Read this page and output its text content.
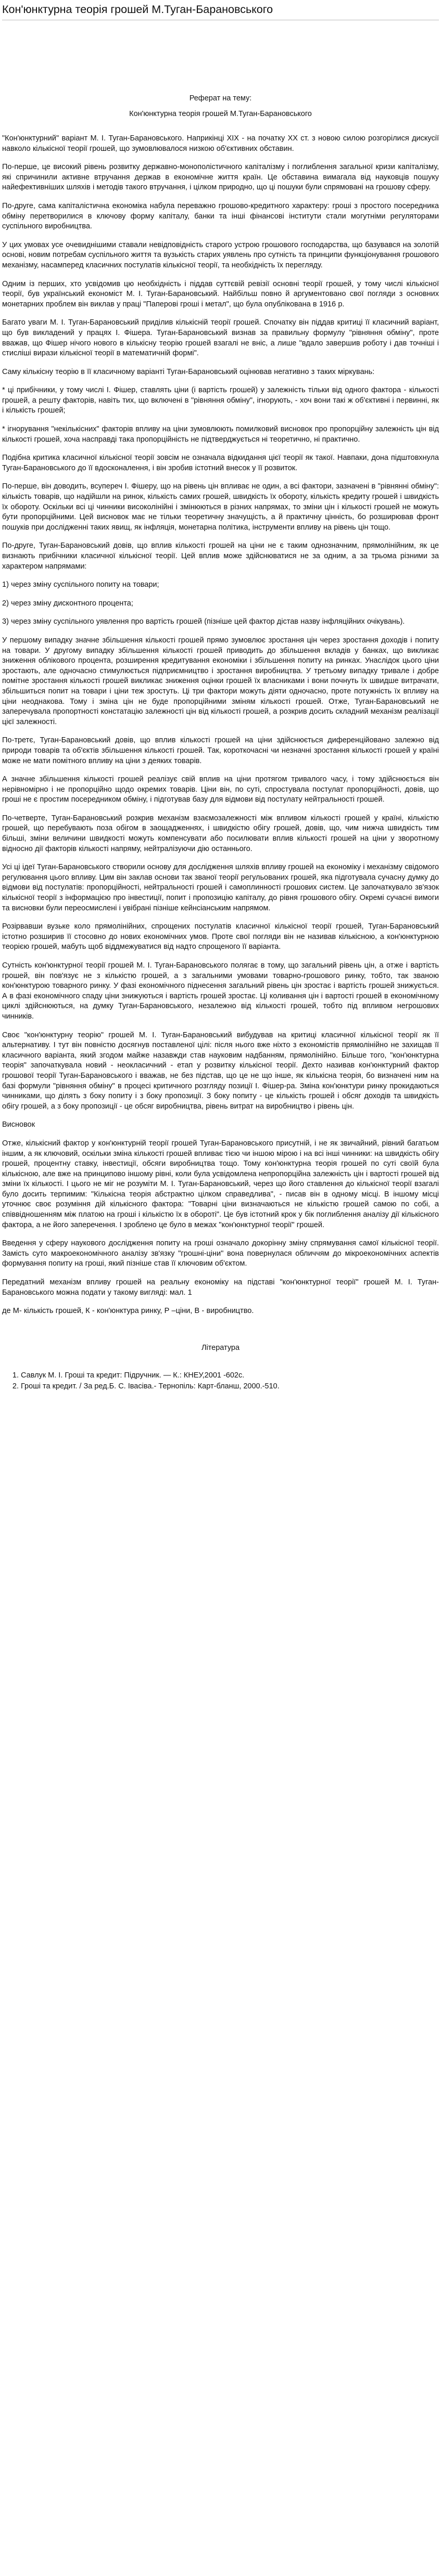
Кон'юнктурна теорія грошей М.Туган-Барановського

Реферат на тему:

Кон'юнктурна теорія грошей М.Туган-Барановського

"Кон'юнктурний" варіант М. І. Туган-Барановського. Наприкінці XIX - на початку XX ст. з новою силою розгорілися дискусії навколо кількісної теорії грошей, що зумовлювалося низкою об'єктивних обставин.

По-перше, це високий рівень розвитку державно-монополістичного капіталізму і поглиблення загальної кризи капіталізму, які спричинили активне втручання держав в економічне життя країн. Це обставина вимагала від науковців пошуку найефективніших шляхів і методів такого втручання, і цілком природно, що ці пошуки були спрямовані на грошову сферу.

По-друге, сама капіталістична економіка набула переважно грошово-кредитного характеру: гроші з простого посередника обміну перетворилися в ключову форму капіталу, банки та інші фінансові інститути стали могутніми регуляторами суспільного виробництва.

У цих умовах усе очевиднішими ставали невідповідність старого устрою грошового господарства, що базувався на золотій основі, новим потребам суспільного життя та вузькість старих уявлень про сутність та принципи функціонування грошового механізму, насамперед класичних постулатів кількісної теорії, та необхідність їх перегляду.

Одним із перших, хто усвідомив цю необхідність і піддав суттєвій ревізії основні теорії грошей, у тому числі кількісної теорії, був український економіст М. І. Туган-Барановський. Найбільш повно й аргументовано свої погляди з основних монетарних проблем він виклав у праці "Паперові гроші і метал", що була опублікована в 1916 р.

Багато уваги М. І. Туган-Барановський приділив кількісній теорії грошей. Спочатку він піддав критиці її класичний варіант, що був викладений у працях І. Фішера. Туган-Барановський визнав за правильну формулу "рівняння обміну", проте вважав, що Фішер нічого нового в кількісну теорію грошей взагалі не вніс, а лише "вдало завершив роботу і дав точніші і стисліші вирази кількісної теорії в математичній формі".

Саму кількісну теорію в її класичному варіанті Туган-Барановський оцінював негативно з таких міркувань:

* ці прибічники, у тому числі І. Фішер, ставлять ціни (і вартість грошей) у залежність тільки від одного фактора - кількості грошей, а решту факторів, навіть тих, що включені в "рівняння обміну", ігнорують, - хоч вони такі ж об'єктивні і первинні, як і кількість грошей;

* ігнорування "некількісних" факторів впливу на ціни зумовлюють помилковий висновок про пропорційну залежність цін від кількості грошей, хоча насправді така пропорційність не підтверджується ні теоретично, ні практично.

Подібна критика класичної кількісної теорії зовсім не означала відкидання цієї теорії як такої. Навпаки, дона підштовхнула Туган-Барановського до її вдосконалення, і він зробив істотний внесок у її розвиток.

По-перше, він доводить, всупереч І. Фішеру, що на рівень цін впливає не один, а всі фактори, зазначені в "рівнянні обміну": кількість товарів, що надійшли на ринок, кількість самих грошей, швидкість їх обороту, кількість кредиту грошей і швидкість їх обороту. Оскільки всі ці чинники високолінійні і змінюються в різних напрямах, то зміни цін і кількості грошей не можуть бути пропорційними. Цей висновок має не тільки теоретичну значущість, а й практичну цінність, бо розширював фронт пошуків при дослідженні таких явищ, як інфляція, монетарна політика, інструменти впливу на рівень цін тощо.

По-друге, Туган-Барановський довів, що вплив кількості грошей на ціни не є таким однозначним, прямолінійним, як це визнають прибічники класичної кількісної теорії. Цей вплив може здійснюватися не за одним, а за трьома різними за характером напрямами:

1) через зміну суспільного попиту на товари;

2) через зміну дисконтного процента;

3) через зміну суспільного уявлення про вартість грошей (пізніше цей фактор дістав назву інфляційних очікувань).

У першому випадку значне збільшення кількості грошей прямо зумовлює зростання цін через зростання доходів і попиту на товари. У другому випадку збільшення кількості грошей приводить до збільшення вкладів у банках, що викликає зниження облікового процента, розширення кредитування економіки і збільшення попиту на ринках. Унаслідок цього ціни зростають, але одночасно стимулюється підприємництво і зростання виробництва. У третьому випадку тривале і добре помітне зростання кількості грошей викликає зниження оцінки грошей їх власниками і вони почнуть їх швидше витрачати, збільшиться попит на товари і ціни теж зростуть. Ці три фактори можуть діяти одночасно, проте потужність їх впливу на ціни неоднакова. Тому і зміна цін не буде пропорційними зміням кількості грошей. Отже, Туган-Барановський не заперечувала пропортності констатацію залежності цін від кількості грошей, а розкрив досить складний механізм реалізації цієї залежності.

По-третє, Туган-Барановський довів, що вплив кількості грошей на ціни здійснюється диференційовано залежно від природи товарів та об'єктів збільшення кількості грошей. Так, короткочасні чи незначні зростання кількості грошей у країні може не мати помітного впливу на ціни з деяких товарів.

А значне збільшення кількості грошей реалізує свій вплив на ціни протягом тривалого часу, і тому здійснюється він нерівномірно і не пропорційно щодо окремих товарів. Ціни він, по суті, спростувала постулат пропорційності, довів, що гроші не є простим посередником обміну, і підготував базу для відмови від постулату нейтральності грошей.

По-четверте, Туган-Барановський розкрив механізм взаємозалежності між впливом кількості грошей у країні, кількістю грошей, що перебувають поза обігом в заощадженнях, і швидкістю обігу грошей, довів, що, чим нижча швидкість тим більші, зміни величини швидкості можуть компенсувати або посилювати вплив кількості грошей на ціни у зворотному відносно дії факторів кількості напряму, нейтралізуючи дію останнього.

Усі ці ідеї Туган-Барановського створили основу для дослідження шляхів впливу грошей на економіку і механізму свідомого регулювання цього впливу. Цим він заклав основи так званої теорії регульованих грошей, яка підготувала сучасну думку до відмови від постулатів: пропорційності, нейтральності грошей і самоплинності грошових систем. Це започаткувало зв'язок кількісної теорії з інформацією про інвестиції, попит і пропозицію капіталу, до рівня грошового обігу. Окремі сучасні вимоги та висновки були переосмислені і увібрані пізніше кейнсіанським напрямом.

Розірвавши вузьке коло прямолінійних, спрощених постулатів класичної кількісної теорії грошей, Туган-Барановський істотно розширив її стосовно до нових економічних умов. Проте свої погляди він не називав кількісною, а кон'юнктурною теорією грошей, мабуть щоб віддмежуватися від надто спрощеного її варіанта.

Сутність кон'юнктурної теорії грошей М. І. Туган-Барановського полягає в тому, що загальний рівень цін, а отже і вартість грошей, він пов'язує не з кількістю грошей, а з загальними умовами товарно-грошового ринку, тобто, так званою кон'юнктурою товарного ринку. У фазі економічного піднесення загальний рівень цін зростає і вартість грошей знижується. А в фазі економічного спаду ціни знижуються і вартість грошей зростає. Ці коливання цін і вартості грошей в економічному циклі здійснюються, на думку Туган-Барановського, незалежно від кількості грошей, тобто під впливом негрошових чинників.

Своє "кон'юнктурну теорію" грошей М. І. Туган-Барановський вибудував на критиці класичної кількісної теорії як її альтернативу. І тут він повністю досягнув поставленої цілі: після нього вже ніхто з економістів прямолінійно не захищав її класичного варіанта, який згодом майже назавжди став науковим надбанням, прямолінійно. Більше того, "кон'юнктурна теорія" започаткувала новий - неокласичний - етап у розвитку кількісної теорії. Дехто називав кон'юнктурний фактор грошової теорії Туган-Барановського і вважав, не без підстав, що це не що інше, як кількісна теорія, бо визначені ним на базі формули "рівняння обміну" в процесі критичного розгляду позиції І. Фішер-ра. Зміна кон'юнктури ринку прокидаються чинниками, що ділять з боку попиту і з боку пропозиції. З боку попиту - це кількість грошей і обсяг доходів та швидкість обігу грошей, а з боку пропозиції - це обсяг виробництва, рівень витрат на виробництво і рівень цін.

Висновок

Отже, кількісний фактор у кон'юнктурній теорії грошей Туган-Барановського присутній, і не як звичайний, рівний багатьом іншим, а як ключовий, оскільки зміна кількості грошей впливає тією чи іншою мірою і на всі інші чинники: на швидкість обігу грошей, процентну ставку, інвестиції, обсяги виробництва тощо. Тому кон'юнктурна теорія грошей по суті своїй була кількісною, але вже на принципово іншому рівні, коли була усвідомлена непропорційна залежність цін і вартості грошей від зміни їх кількості. І цього не міг не розуміти М. І. Туган-Барановський, через що його ставлення до кількісної теорії взагалі було досить терпимим: "Кількісна теорія абстрактно цілком справедлива", - писав він в одному місці. В іншому місці уточнює своє розуміння дій кількісного фактора: "Товарні ціни визначаються не кількістю грошей самою по собі, а співвідношенням між платою на гроші і кількістю їх в обороті". Це був істотний крок у бік поглиблення аналізу дії кількісного фактора, а не його заперечення. І зроблено це було в межах "кон'юнктурної теорії" грошей.

Введення у сферу наукового дослідження попиту на гроші означало докорінну зміну спрямування самої кількісної теорії. Замість суто макроекономічного аналізу зв'язку "грошні-ціни" вона повернулася обличчям до мікроекономічних аспектів формування попиту на гроші, який пізніше став її ключовим об'єктом.

Передатний механізм впливу грошей на реальну економіку на підставі "кон'юнктурної теорії" грошей М. І. Туган-Барановського можна подати у такому вигляді: мал. 1

де М- кількість грошей, К - кон'юнктура ринку, Р –ціни, В - виробництво.

Література

1. Савлук М. І. Гроші та кредит: Підручник. — К.: КНЕУ,2001 -602с.
2. Гроші та кредит. / За ред.Б. С. Івасіва.- Тернопіль: Карт-бланш, 2000.-510.
